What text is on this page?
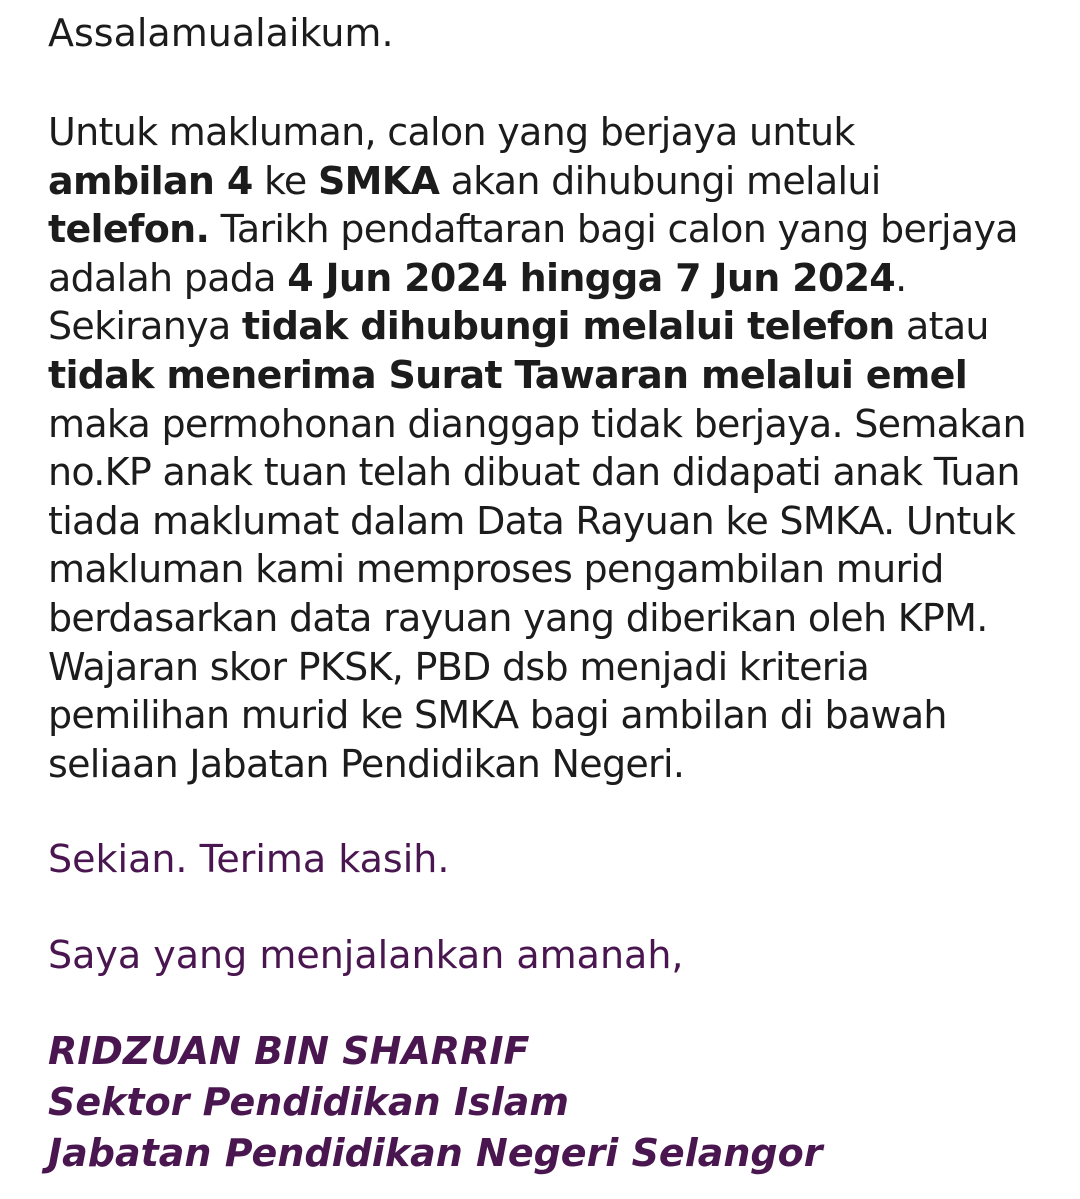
Assalamualaikum.

Untuk makluman, calon yang berjaya untuk ambilan 4 ke SMKA akan dihubungi melalui telefon. Tarikh pendaftaran bagi calon yang berjaya adalah pada 4 Jun 2024 hingga 7 Jun 2024. Sekiranya tidak dihubungi melalui telefon atau tidak menerima Surat Tawaran melalui emel maka permohonan dianggap tidak berjaya. Semakan no.KP anak tuan telah dibuat dan didapati anak Tuan tiada maklumat dalam Data Rayuan ke SMKA. Untuk makluman kami memproses pengambilan murid berdasarkan data rayuan yang diberikan oleh KPM. Wajaran skor PKSK, PBD dsb menjadi kriteria pemilihan murid ke SMKA bagi ambilan di bawah seliaan Jabatan Pendidikan Negeri.

Sekian. Terima kasih.

Saya yang menjalankan amanah,

RIDZUAN BIN SHARRIF
Sektor Pendidikan Islam
Jabatan Pendidikan Negeri Selangor
